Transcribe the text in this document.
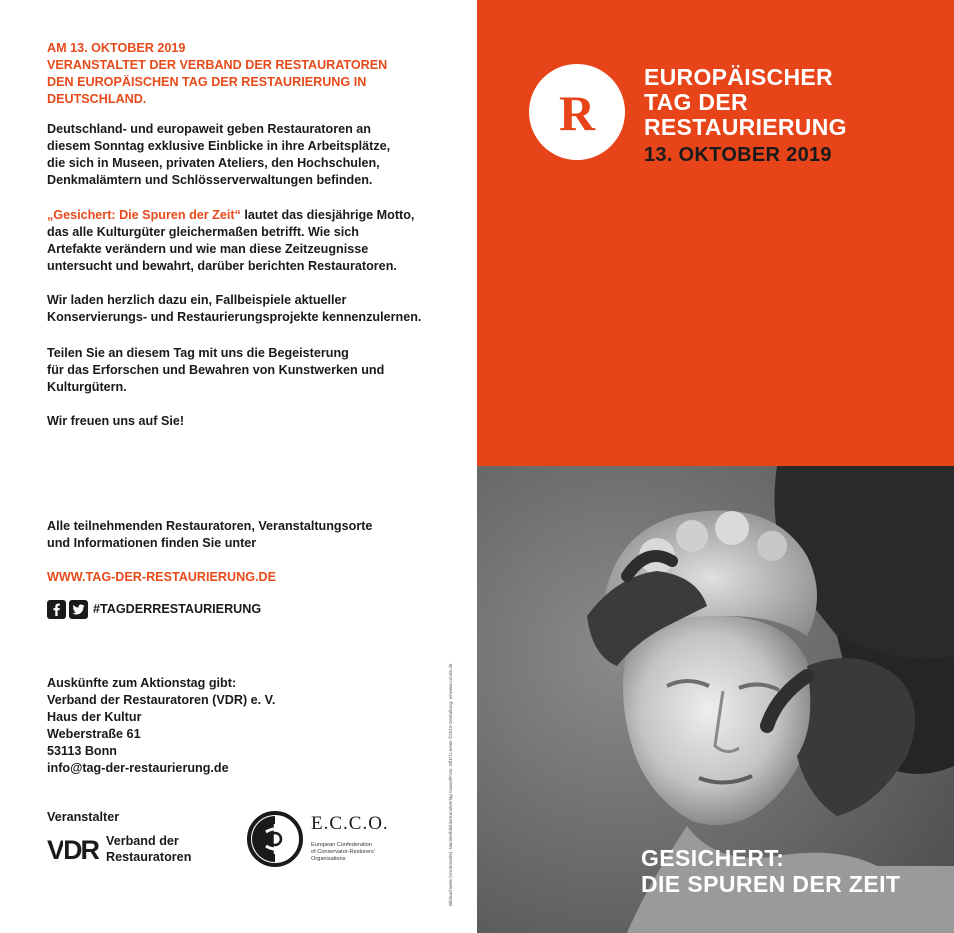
AM 13. OKTOBER 2019
VERANSTALTET DER VERBAND DER RESTAURATOREN
DEN EUROPÄISCHEN TAG DER RESTAURIERUNG IN
DEUTSCHLAND.
Deutschland- und europaweit geben Restauratoren an
diesem Sonntag exklusive Einblicke in ihre Arbeitsplätze,
die sich in Museen, privaten Ateliers, den Hochschulen,
Denkmalämtern und Schlösserverwaltungen befinden.
„Gesichert: Die Spuren der Zeit“ lautet das diesjährige Motto,
das alle Kulturgüter gleichermaßen betrifft. Wie sich
Artefakte verändern und wie man diese Zeitzeugnisse
untersucht und bewahrt, darüber berichten Restauratoren.
Wir laden herzlich dazu ein, Fallbeispiele aktueller
Konservierungs- und Restaurierungsprojekte kennenzulernen.
Teilen Sie an diesem Tag mit uns die Begeisterung
für das Erforschen und Bewahren von Kunstwerken und
Kulturgütern.
Wir freuen uns auf Sie!
Alle teilnehmenden Restauratoren, Veranstaltungsorte
und Informationen finden Sie unter
WWW.TAG-DER-RESTAURIERUNG.DE
#TAGDERRESTAURIERUNG
Auskünfte zum Aktionstag gibt:
Verband der Restauratoren (VDR) e. V.
Haus der Kultur
Weberstraße 61
53113 Bonn
info@tag-der-restaurierung.de
Veranstalter
VDR Verband der
Restauratoren
E.C.C.O.
European Confederation
of Conservator-Restorers'
Organisations	Bildnachweis (Vorderseite): Mumienbildnis/Kunstverlag Kassel/Foto: MfJ/J.Leewe ©2019 Gestaltung: wnwww.conde.de
R
EUROPÄISCHER
TAG DER
RESTAURIERUNG
13. OKTOBER 2019
GESICHERT:
DIE SPUREN DER ZEIT
